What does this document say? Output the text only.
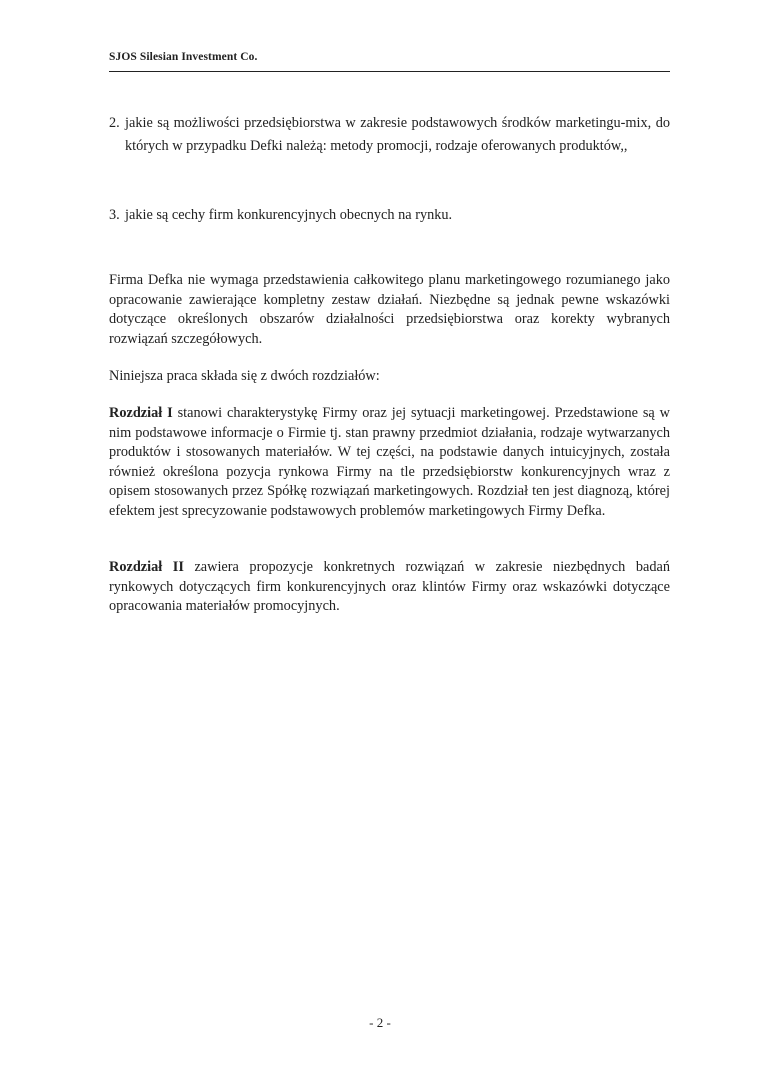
SJOS Silesian Investment Co.
2. jakie są możliwości przedsiębiorstwa w zakresie podstawowych środków marketingu-mix, do których w przypadku Defki należą: metody promocji, rodzaje oferowanych produktów,,
3. jakie są cechy firm konkurencyjnych obecnych na rynku.
Firma Defka nie wymaga przedstawienia całkowitego planu marketingowego rozumianego jako opracowanie zawierające kompletny zestaw działań. Niezbędne są jednak pewne wskazówki dotyczące określonych obszarów działalności przedsiębiorstwa oraz korekty wybranych rozwiązań szczegółowych.
Niniejsza praca składa się z dwóch rozdziałów:
Rozdział I stanowi charakterystykę Firmy oraz jej sytuacji marketingowej. Przedstawione są w nim podstawowe informacje o Firmie tj. stan prawny przedmiot działania, rodzaje wytwarzanych produktów i stosowanych materiałów. W tej części, na podstawie danych intuicyjnych, została również określona pozycja rynkowa Firmy na tle przedsiębiorstw konkurencyjnych wraz z opisem stosowanych przez Spółkę rozwiązań marketingowych. Rozdział ten jest diagnozą, której efektem jest sprecyzowanie podstawowych problemów marketingowych Firmy Defka.
Rozdział II zawiera propozycje konkretnych rozwiązań w zakresie niezbędnych badań rynkowych dotyczących firm konkurencyjnych oraz klintów Firmy oraz wskazówki dotyczące opracowania materiałów promocyjnych.
- 2 -
